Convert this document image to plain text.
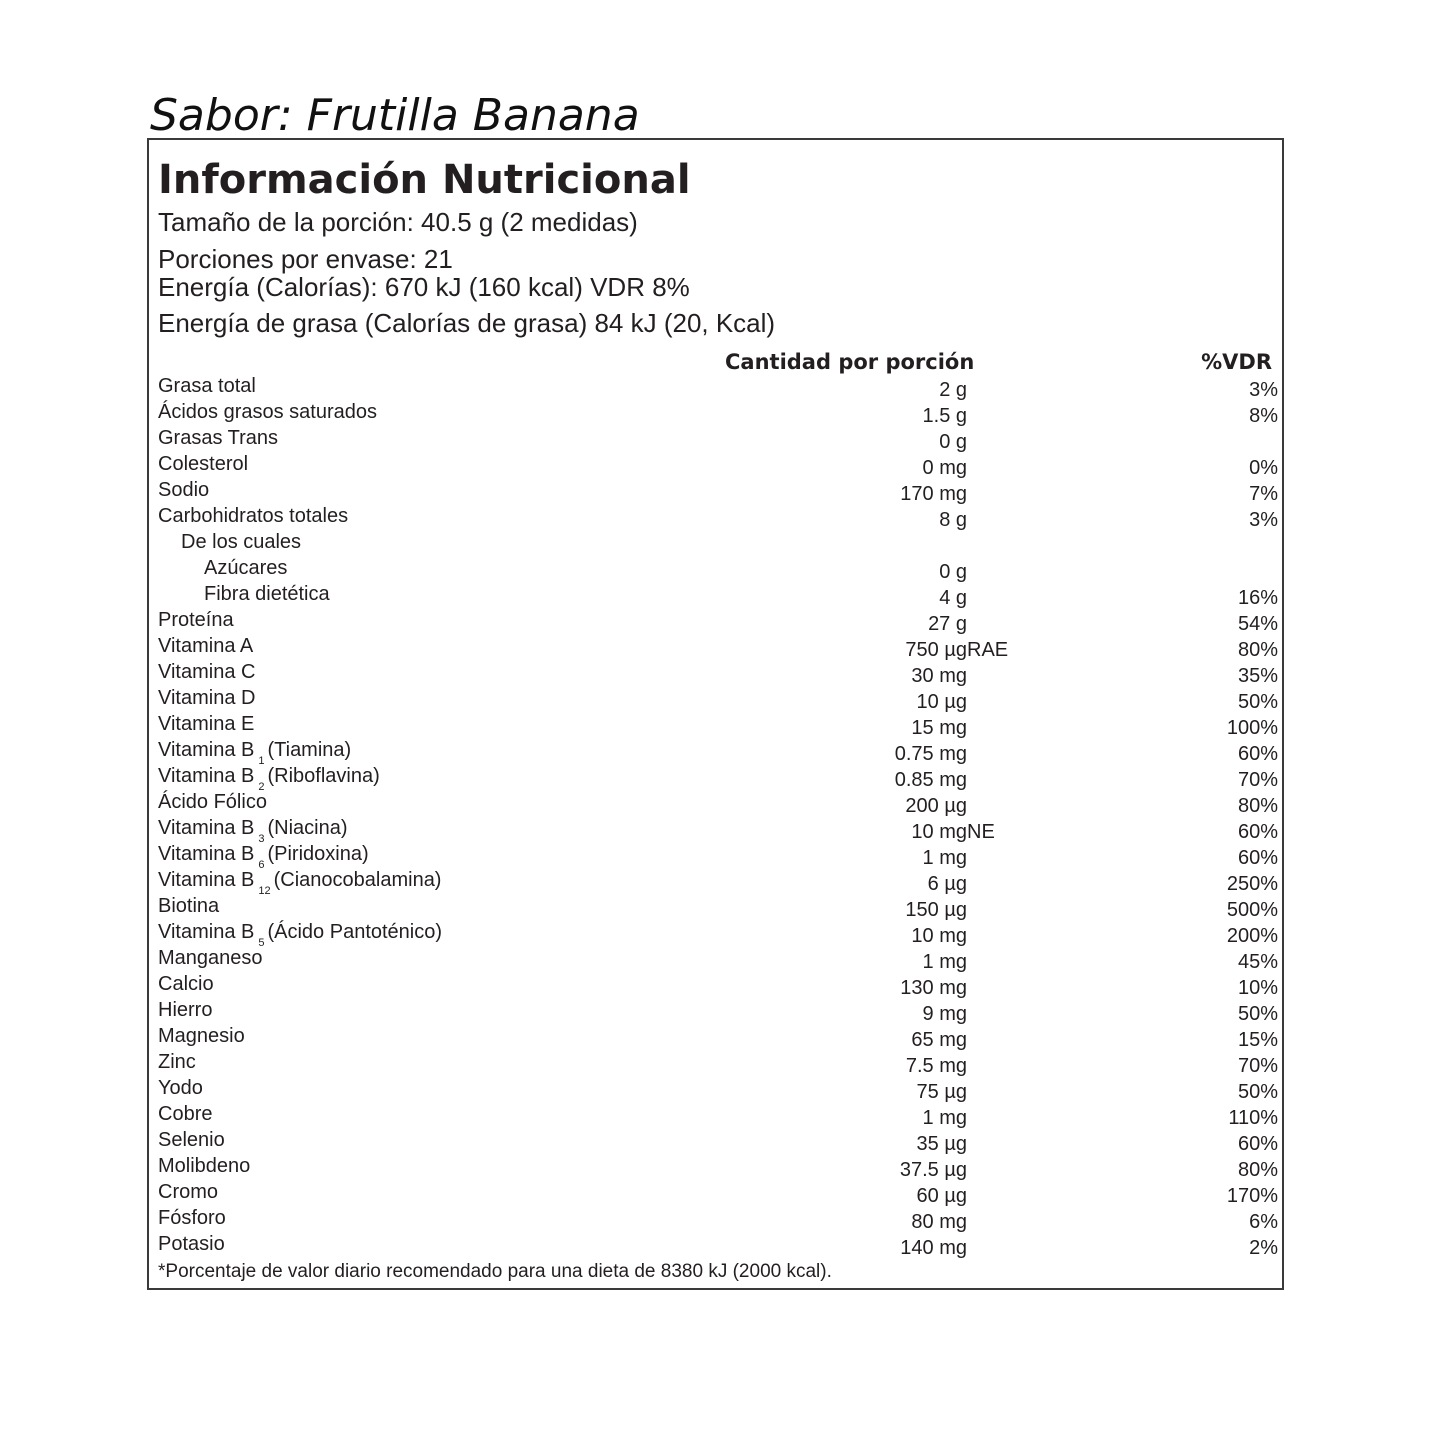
Sabor: Frutilla Banana
Información Nutricional
Tamaño de la porción: 40.5 g (2 medidas)
Porciones por envase: 21
Energía (Calorías): 670 kJ (160 kcal) VDR 8%
Energía de grasa (Calorías de grasa) 84 kJ (20, Kcal)
Cantidad por porción	%VDR
Grasa total	2 g	3%
Ácidos grasos saturados	1.5 g	8%
Grasas Trans	0 g
Colesterol	0 mg	0%
Sodio	170 mg	7%
Carbohidratos totales	8 g	3%
De los cuales
Azúcares	0 g
Fibra dietética	4 g	16%
Proteína	27 g	54%
Vitamina A	750 µg RAE	80%
Vitamina C	30 mg	35%
Vitamina D	10 µg	50%
Vitamina E	15 mg	100%
Vitamina B $_1$ (Tiamina)	0.75 mg	60%
Vitamina B $_2$ (Riboflavina)	0.85 mg	70%
Ácido Fólico	200 µg	80%
Vitamina B $_3$ (Niacina)	10 mg NE	60%
Vitamina B $_6$ (Piridoxina)	1 mg	60%
Vitamina B $_{12}$ (Cianocobalamina)	6 µg	250%
Biotina	150 µg	500%
Vitamina B $_5$ (Ácido Pantoténico)	10 mg	200%
Manganeso	1 mg	45%
Calcio	130 mg	10%
Hierro	9 mg	50%
Magnesio	65 mg	15%
Zinc	7.5 mg	70%
Yodo	75 µg	50%
Cobre	1 mg	110%
Selenio	35 µg	60%
Molibdeno	37.5 µg	80%
Cromo	60 µg	170%
Fósforo	80 mg	6%
Potasio	140 mg	2%
*Porcentaje de valor diario recomendado para una dieta de 8380 kJ (2000 kcal).
